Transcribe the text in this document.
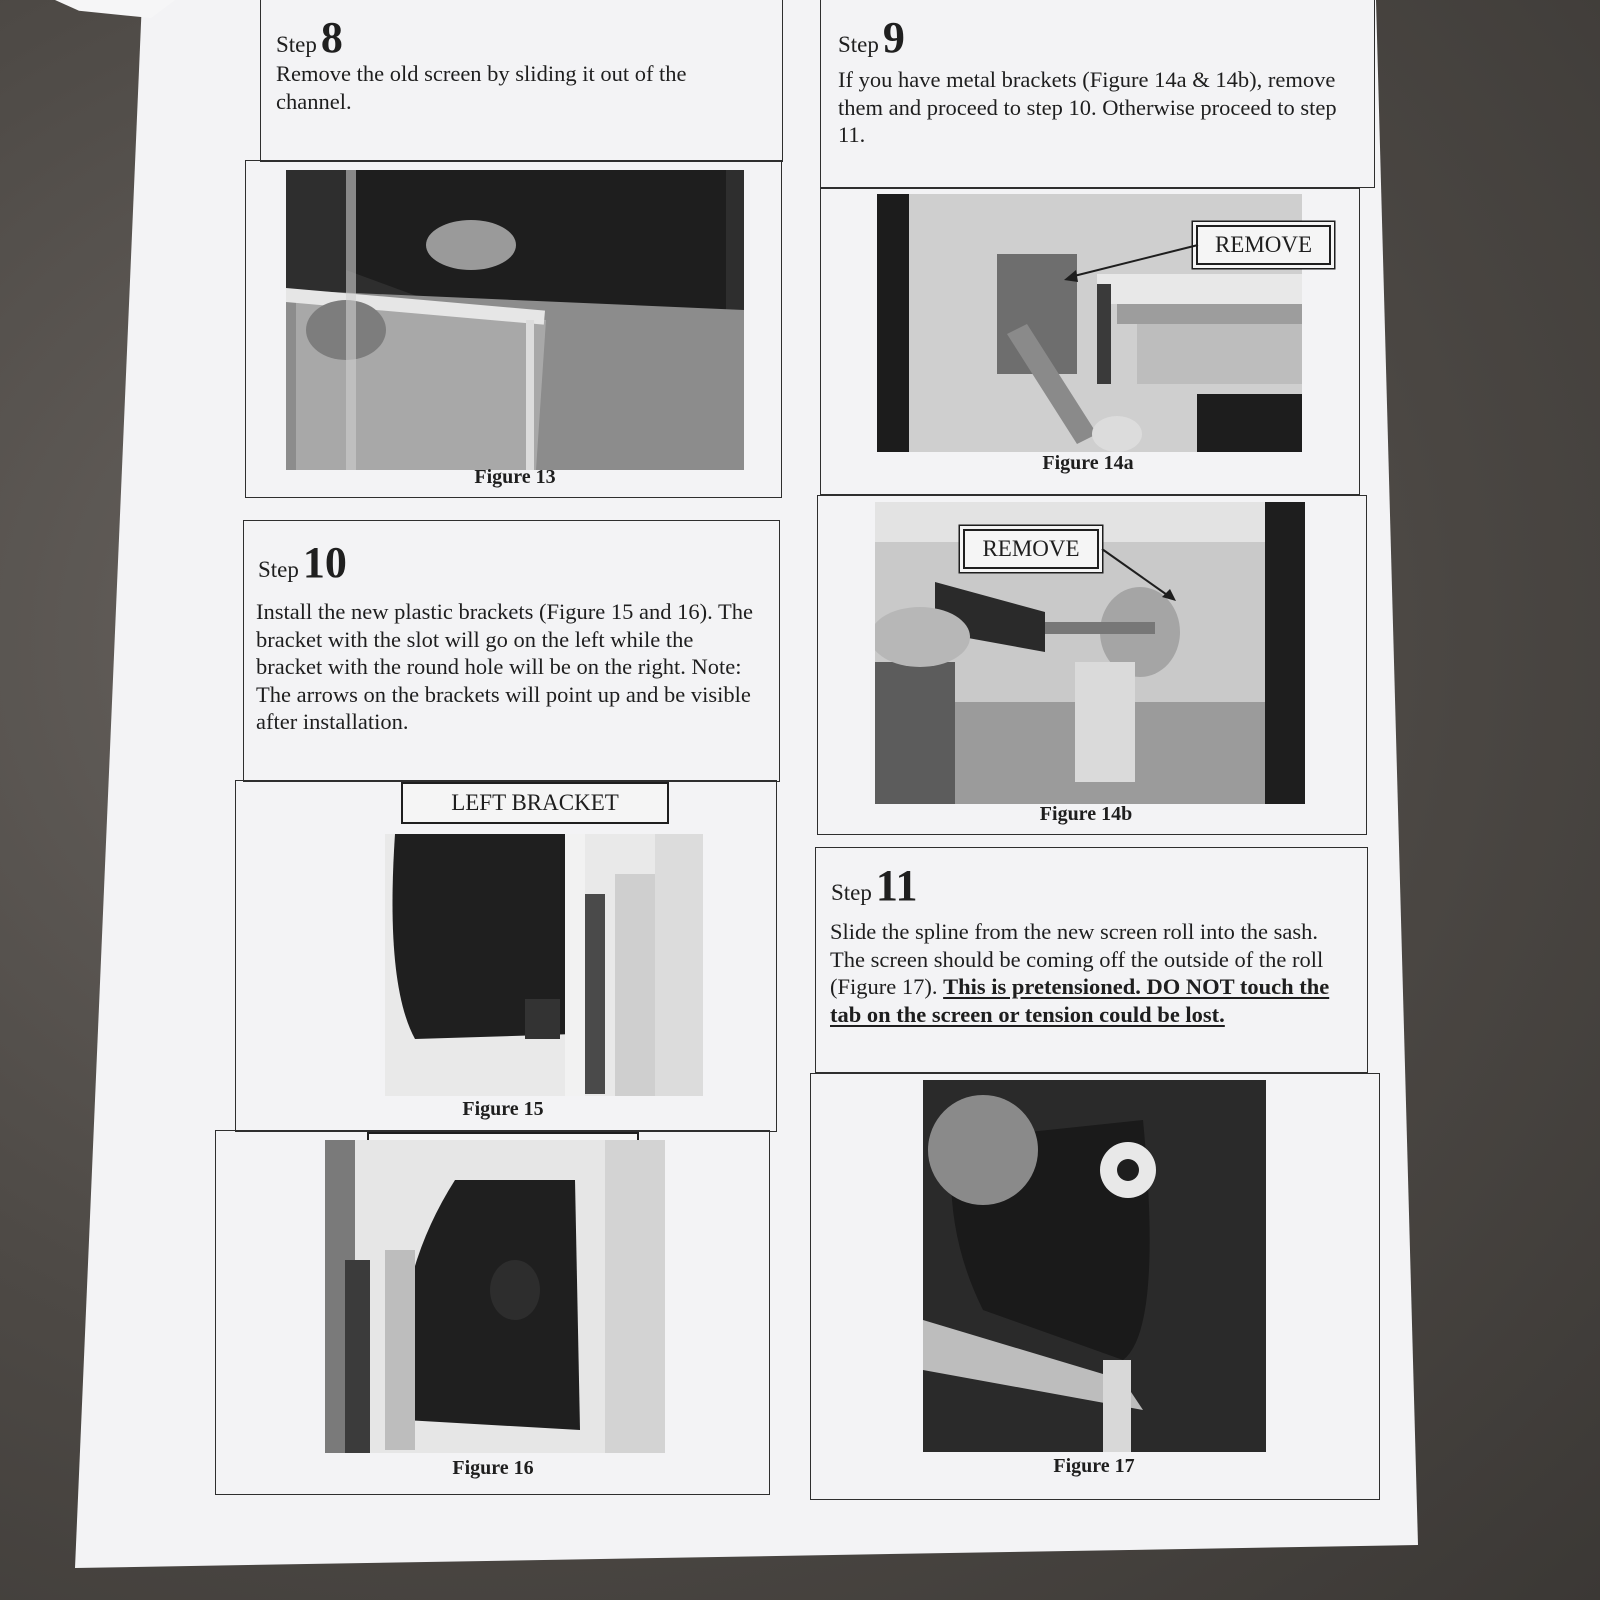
Step8
Remove the old screen by sliding it out of the channel.
Figure 13
Step9
If you have metal brackets (Figure 14a & 14b), remove them and proceed to step 10. Otherwise proceed to step 11.
REMOVE
Figure 14a
REMOVE
Figure 14b
Step10
Install the new plastic brackets (Figure 15 and 16). The bracket with the slot will go on the left while the bracket with the round hole will be on the right. Note: The arrows on the brackets will point up and be visible after installation.
LEFT BRACKET
Figure 15
Figure 16
Step11
Slide the spline from the new screen roll into the sash. The screen should be coming off the outside of the roll (Figure 17). This is pretensioned. DO NOT touch the tab on the screen or tension could be lost.
Figure 17
